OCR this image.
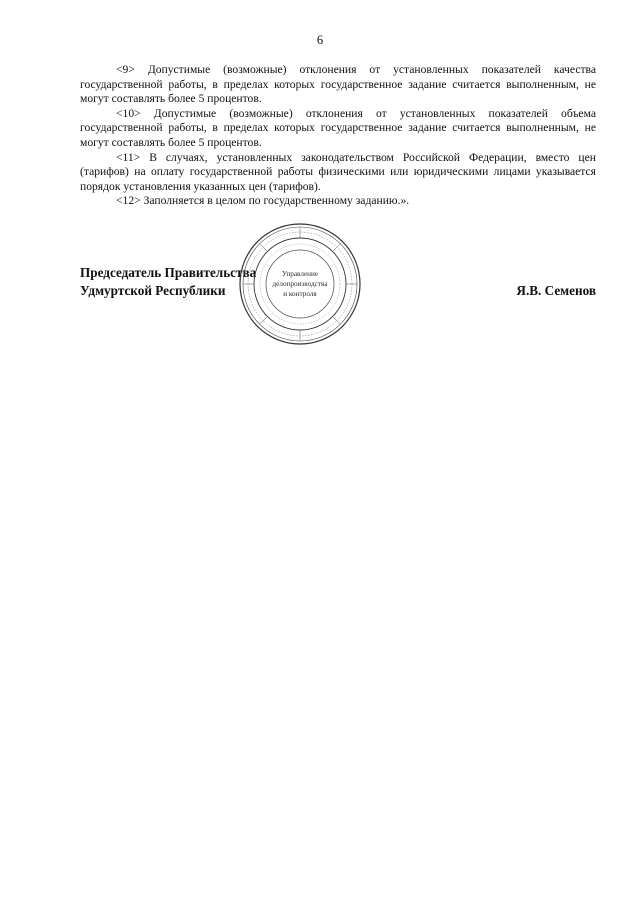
6

<9> Допустимые (возможные) отклонения от установленных показателей качества государственной работы, в пределах которых государственное задание считается выполненным, не могут составлять более 5 процентов.

<10> Допустимые (возможные) отклонения от установленных показателей объема государственной работы, в пределах которых государственное задание считается выполненным, не могут составлять более 5 процентов.

<11> В случаях, установленных законодательством Российской Федерации, вместо цен (тарифов) на оплату государственной работы физическими или юридическими лицами указывается порядок установления указанных цен (тарифов).

<12> Заполняется в целом по государственному заданию.».

Председатель Правительства
Удмуртской Республики	Я.В. Семенов
Управление
делопроизводства
и контроля
